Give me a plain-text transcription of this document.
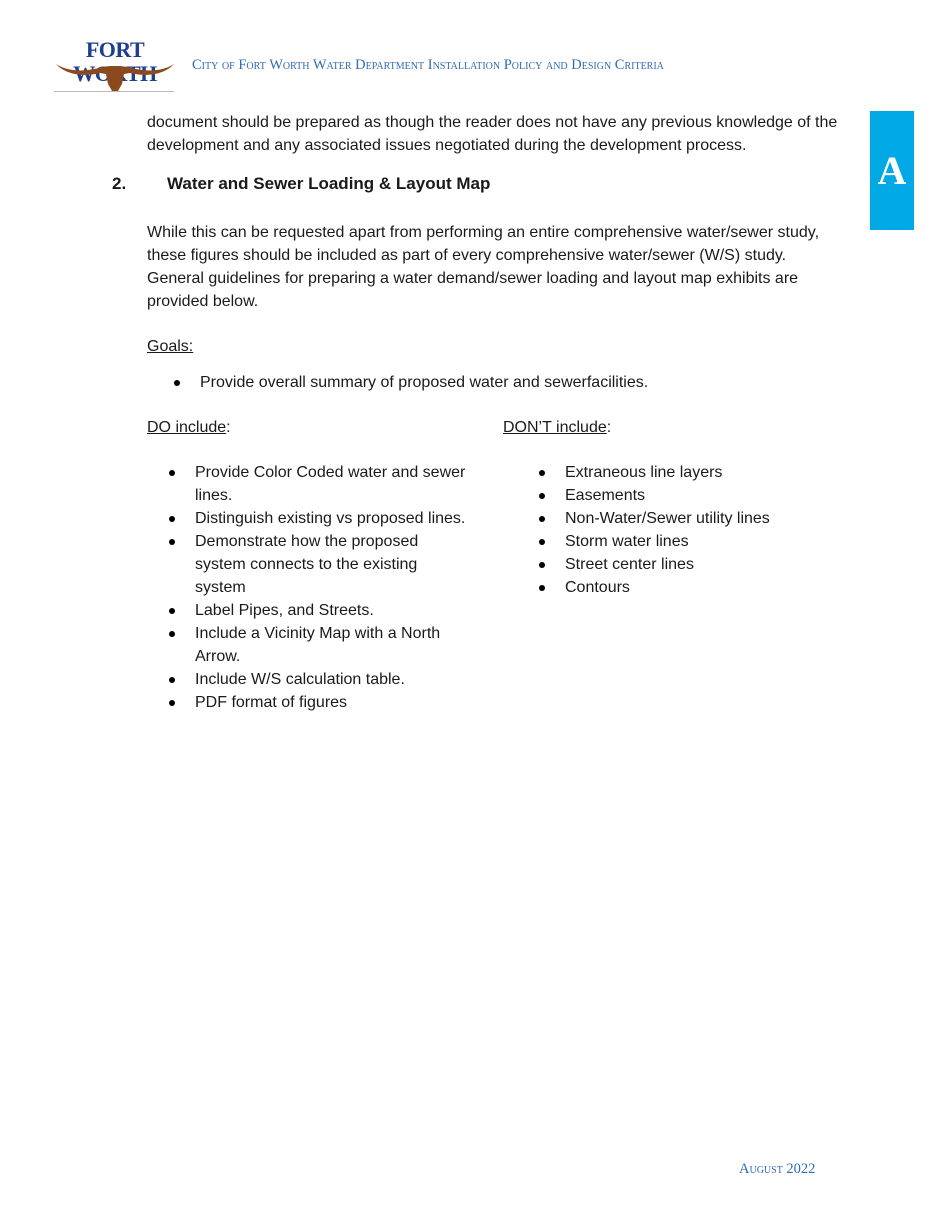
FORT
City of Fort Worth Water Department Installation Policy and Design Criteria
A

document should be prepared as though the reader does not have any previous knowledge of the development and any associated issues negotiated during the development process.

2. Water and Sewer Loading & Layout Map

While this can be requested apart from performing an entire comprehensive water/sewer study, these figures should be included as part of every comprehensive water/sewer (W/S) study. General guidelines for preparing a water demand/sewer loading and layout map exhibits are provided below.

Goals:
Provide overall summary of proposed water and sewerfacilities.
DO include:	DON’T include:
Provide Color Coded water and sewer lines.
Distinguish existing vs proposed lines.
Demonstrate how the proposed system connects to the existing system
Label Pipes, and Streets.
Include a Vicinity Map with a North Arrow.
Include W/S calculation table.
PDF format of figures
Extraneous line layers
Easements
Non-Water/Sewer utility lines
Storm water lines
Street center lines
Contours
August 2022
